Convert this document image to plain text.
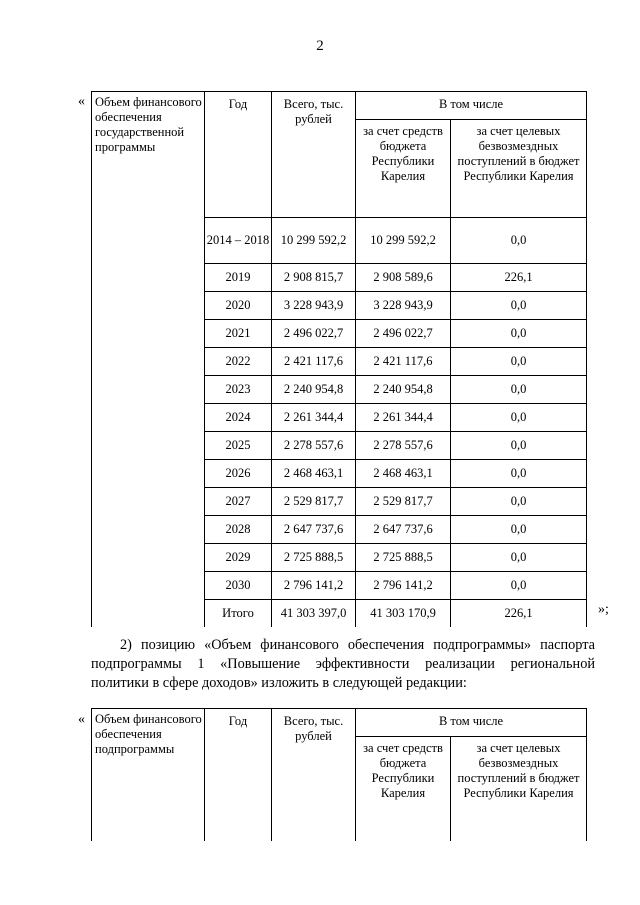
2
« Объем финансового обеспечения государственной программы	Год	Всего, тыс. рублей	В том числе	
			за счет средств бюджета Республики Карелия	за счет целевых безвозмездных поступлений в бюджет Республики Карелия
	2014 – 2018	10 299 592,2	10 299 592,2	0,0
	2019	2 908 815,7	2 908 589,6	226,1
	2020	3 228 943,9	3 228 943,9	0,0
	2021	2 496 022,7	2 496 022,7	0,0
	2022	2 421 117,6	2 421 117,6	0,0
	2023	2 240 954,8	2 240 954,8	0,0
	2024	2 261 344,4	2 261 344,4	0,0
	2025	2 278 557,6	2 278 557,6	0,0
	2026	2 468 463,1	2 468 463,1	0,0
	2027	2 529 817,7	2 529 817,7	0,0
	2028	2 647 737,6	2 647 737,6	0,0
	2029	2 725 888,5	2 725 888,5	0,0
	2030	2 796 141,2	2 796 141,2	0,0
	Итого	41 303 397,0	41 303 170,9	226,1	»;
2) позицию «Объем финансового обеспечения подпрограммы» паспорта подпрограммы 1 «Повышение эффективности реализации региональной политики в сфере доходов» изложить в следующей редакции:
« Объем финансового обеспечения подпрограммы	Год	Всего, тыс. рублей	В том числе	
			за счет средств бюджета Республики Карелия	за счет целевых безвозмездных поступлений в бюджет Республики Карелия
